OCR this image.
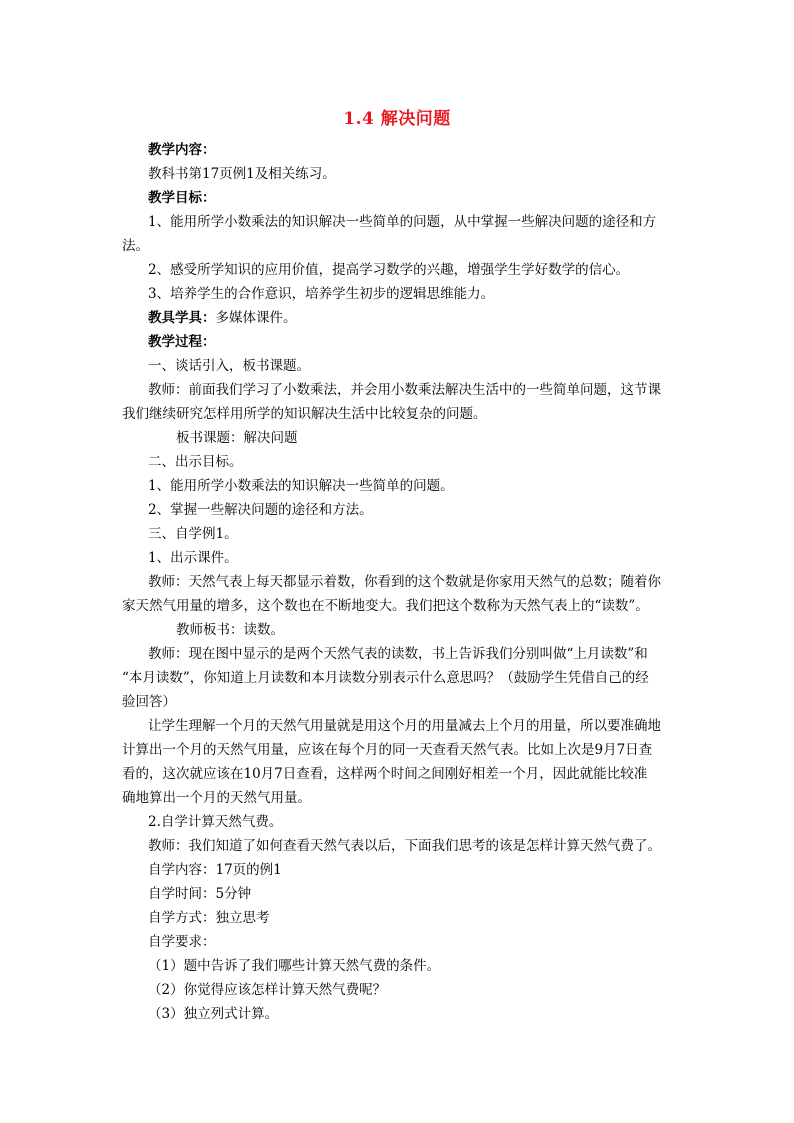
1.4 解决问题
教学内容：
教科书第17页例1及相关练习。
教学目标：
1、能用所学小数乘法的知识解决一些简单的问题，从中掌握一些解决问题的途径和方
法。
2、感受所学知识的应用价值，提高学习数学的兴趣，增强学生学好数学的信心。
3、培养学生的合作意识，培养学生初步的逻辑思维能力。
教具学具：多媒体课件。
教学过程：
一、谈话引入，板书课题。
教师：前面我们学习了小数乘法，并会用小数乘法解决生活中的一些简单问题，这节课
我们继续研究怎样用所学的知识解决生活中比较复杂的问题。
板书课题：解决问题
二、出示目标。
1、能用所学小数乘法的知识解决一些简单的问题。
2、掌握一些解决问题的途径和方法。
三、自学例1。
1、出示课件。
教师：天然气表上每天都显示着数，你看到的这个数就是你家用天然气的总数；随着你
家天然气用量的增多，这个数也在不断地变大。我们把这个数称为天然气表上的“读数”。
教师板书：读数。
教师：现在图中显示的是两个天然气表的读数，书上告诉我们分别叫做“上月读数”和
“本月读数”，你知道上月读数和本月读数分别表示什么意思吗？（鼓励学生凭借自己的经
验回答）
让学生理解一个月的天然气用量就是用这个月的用量减去上个月的用量，所以要准确地
计算出一个月的天然气用量，应该在每个月的同一天查看天然气表。比如上次是9月7日查
看的，这次就应该在10月7日查看，这样两个时间之间刚好相差一个月，因此就能比较准
确地算出一个月的天然气用量。
2.自学计算天然气费。
教师：我们知道了如何查看天然气表以后，下面我们思考的该是怎样计算天然气费了。
自学内容：17页的例1
自学时间：5分钟
自学方式：独立思考
自学要求：
（1）题中告诉了我们哪些计算天然气费的条件。
（2）你觉得应该怎样计算天然气费呢？
（3）独立列式计算。
